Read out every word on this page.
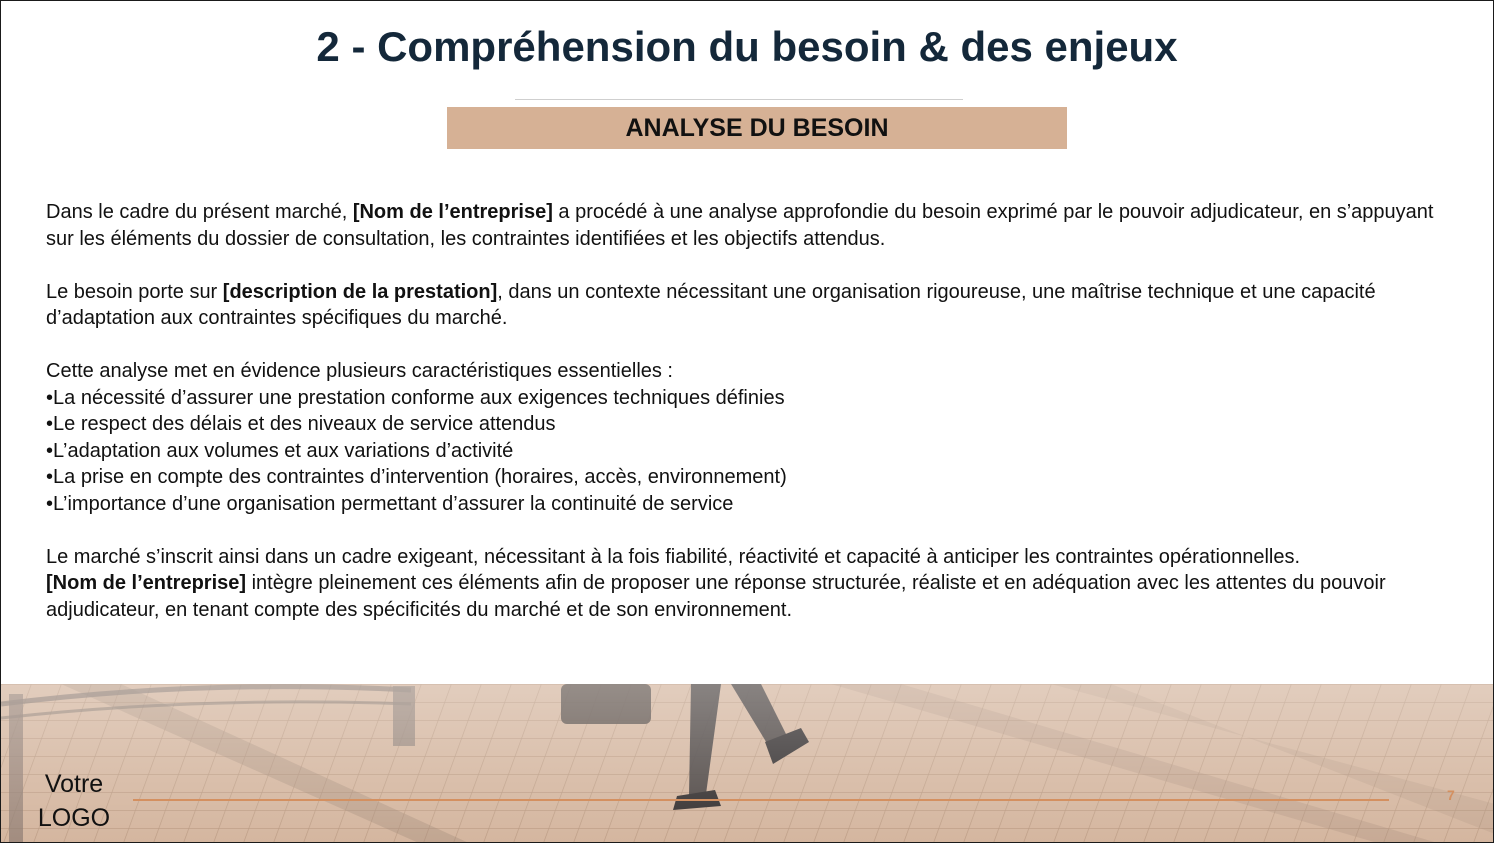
2 - Compréhension du besoin & des enjeux
ANALYSE DU BESOIN

Dans le cadre du présent marché, [Nom de l’entreprise] a procédé à une analyse approfondie du besoin exprimé par le pouvoir adjudicateur, en s’appuyant sur les éléments du dossier de consultation, les contraintes identifiées et les objectifs attendus.

Le besoin porte sur [description de la prestation], dans un contexte nécessitant une organisation rigoureuse, une maîtrise technique et une capacité d’adaptation aux contraintes spécifiques du marché.

Cette analyse met en évidence plusieurs caractéristiques essentielles :

• La nécessité d’assurer une prestation conforme aux exigences techniques définies

• Le respect des délais et des niveaux de service attendus

• L’adaptation aux volumes et aux variations d’activité

• La prise en compte des contraintes d’intervention (horaires, accès, environnement)

• L’importance d’une organisation permettant d’assurer la continuité de service

Le marché s’inscrit ainsi dans un cadre exigeant, nécessitant à la fois fiabilité, réactivité et capacité à anticiper les contraintes opérationnelles.

[Nom de l’entreprise] intègre pleinement ces éléments afin de proposer une réponse structurée, réaliste et en adéquation avec les attentes du pouvoir adjudicateur, en tenant compte des spécificités du marché et de son environnement.

Votre
LOGO
7
